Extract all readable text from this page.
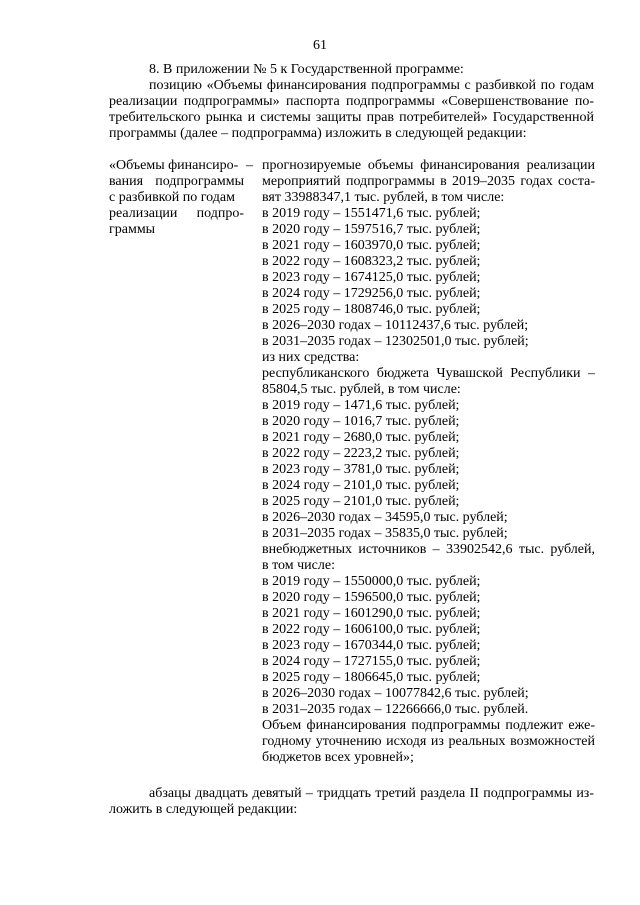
61
8. В приложении № 5 к Государственной программе:
позицию «Объемы финансирования подпрограммы с разбивкой по годам
реализации подпрограммы» паспорта подпрограммы «Совершенствование по-
требительского рынка и системы защиты прав потребителей» Государственной
программы (далее – подпрограмма) изложить в следующей редакции:
«Объемы финансиро-
вания подпрограммы
с разбивкой по годам
реализации подпро-
граммы
– прогнозируемые объемы финансирования реализации
мероприятий подпрограммы в 2019–2035 годах соста-
вят 33988347,1 тыс. рублей, в том числе:
в 2019 году – 1551471,6 тыс. рублей;
в 2020 году – 1597516,7 тыс. рублей;
в 2021 году – 1603970,0 тыс. рублей;
в 2022 году – 1608323,2 тыс. рублей;
в 2023 году – 1674125,0 тыс. рублей;
в 2024 году – 1729256,0 тыс. рублей;
в 2025 году – 1808746,0 тыс. рублей;
в 2026–2030 годах – 10112437,6 тыс. рублей;
в 2031–2035 годах – 12302501,0 тыс. рублей;
из них средства:
республиканского бюджета Чувашской Республики –
85804,5 тыс. рублей, в том числе:
в 2019 году – 1471,6 тыс. рублей;
в 2020 году – 1016,7 тыс. рублей;
в 2021 году – 2680,0 тыс. рублей;
в 2022 году – 2223,2 тыс. рублей;
в 2023 году – 3781,0 тыс. рублей;
в 2024 году – 2101,0 тыс. рублей;
в 2025 году – 2101,0 тыс. рублей;
в 2026–2030 годах – 34595,0 тыс. рублей;
в 2031–2035 годах – 35835,0 тыс. рублей;
внебюджетных источников – 33902542,6 тыс. рублей,
в том числе:
в 2019 году – 1550000,0 тыс. рублей;
в 2020 году – 1596500,0 тыс. рублей;
в 2021 году – 1601290,0 тыс. рублей;
в 2022 году – 1606100,0 тыс. рублей;
в 2023 году – 1670344,0 тыс. рублей;
в 2024 году – 1727155,0 тыс. рублей;
в 2025 году – 1806645,0 тыс. рублей;
в 2026–2030 годах – 10077842,6 тыс. рублей;
в 2031–2035 годах – 12266666,0 тыс. рублей.
Объем финансирования подпрограммы подлежит еже-
годному уточнению исходя из реальных возможностей
бюджетов всех уровней»;
абзацы двадцать девятый – тридцать третий раздела II подпрограммы из-
ложить в следующей редакции:
